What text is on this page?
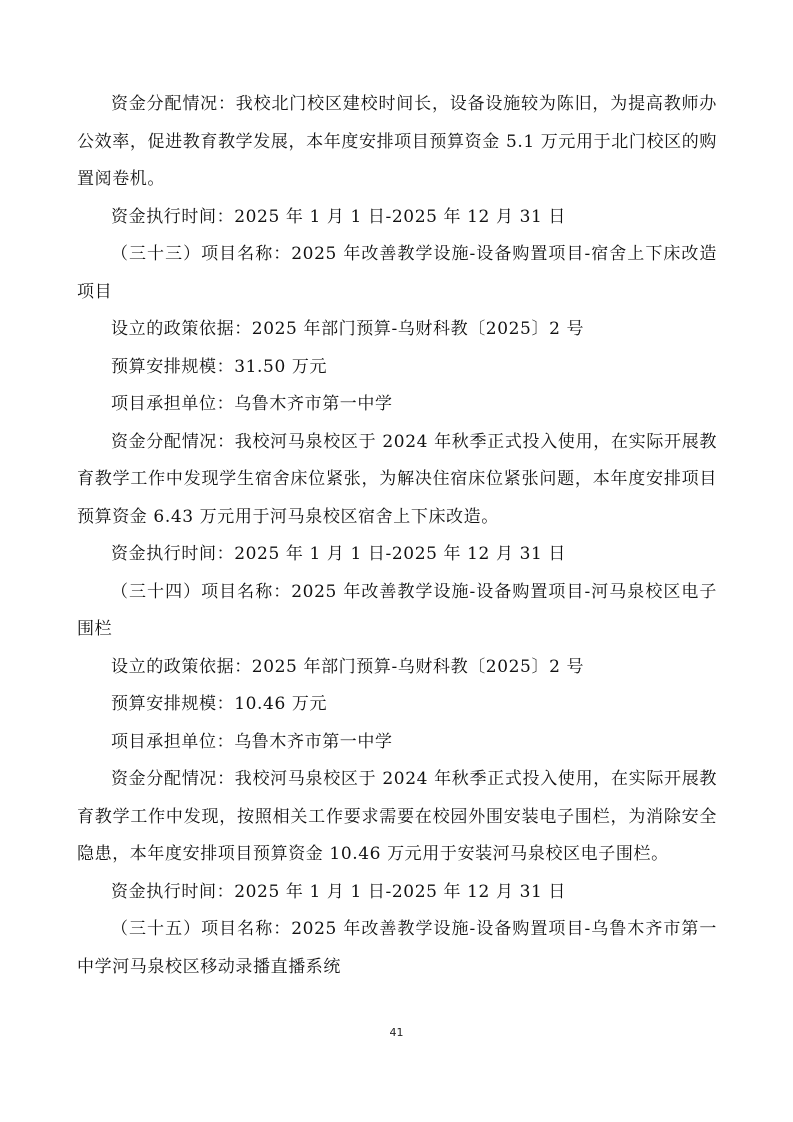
资金分配情况：我校北门校区建校时间长，设备设施较为陈旧，为提高教师办公效率，促进教育教学发展，本年度安排项目预算资金 5.1 万元用于北门校区的购置阅卷机。

资金执行时间：2025 年 1 月 1 日-2025 年 12 月 31 日

（三十三）项目名称：2025 年改善教学设施-设备购置项目-宿舍上下床改造项目

设立的政策依据：2025 年部门预算-乌财科教〔2025〕2 号

预算安排规模：31.50 万元

项目承担单位：乌鲁木齐市第一中学

资金分配情况：我校河马泉校区于 2024 年秋季正式投入使用，在实际开展教育教学工作中发现学生宿舍床位紧张，为解决住宿床位紧张问题，本年度安排项目预算资金 6.43 万元用于河马泉校区宿舍上下床改造。

资金执行时间：2025 年 1 月 1 日-2025 年 12 月 31 日

（三十四）项目名称：2025 年改善教学设施-设备购置项目-河马泉校区电子围栏

设立的政策依据：2025 年部门预算-乌财科教〔2025〕2 号

预算安排规模：10.46 万元

项目承担单位：乌鲁木齐市第一中学

资金分配情况：我校河马泉校区于 2024 年秋季正式投入使用，在实际开展教育教学工作中发现，按照相关工作要求需要在校园外围安装电子围栏，为消除安全隐患，本年度安排项目预算资金 10.46 万元用于安装河马泉校区电子围栏。

资金执行时间：2025 年 1 月 1 日-2025 年 12 月 31 日

（三十五）项目名称：2025 年改善教学设施-设备购置项目-乌鲁木齐市第一中学河马泉校区移动录播直播系统

41
